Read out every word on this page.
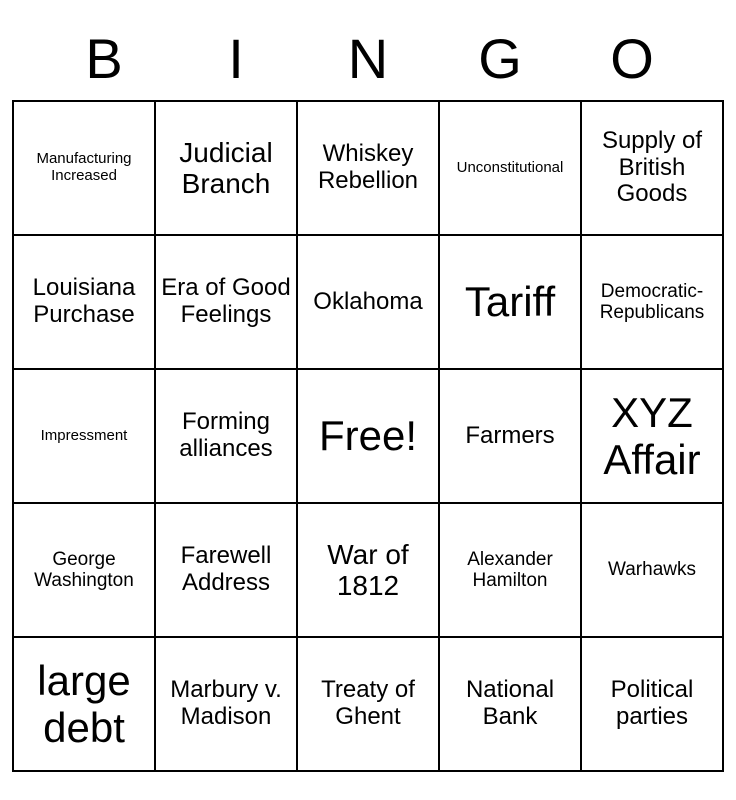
B	I	N	G	O
Manufacturing Increased	Judicial Branch	Whiskey Rebellion	Unconstitutional	Supply of British Goods

Louisiana Purchase	Era of Good Feelings	Oklahoma	Tariff	Democratic-Republicans

Impressment	Forming alliances	Free!	Farmers	XYZ Affair

George Washington	Farewell Address	War of 1812	Alexander Hamilton	Warhawks

large debt	Marbury v. Madison	Treaty of Ghent	National Bank	Political parties
